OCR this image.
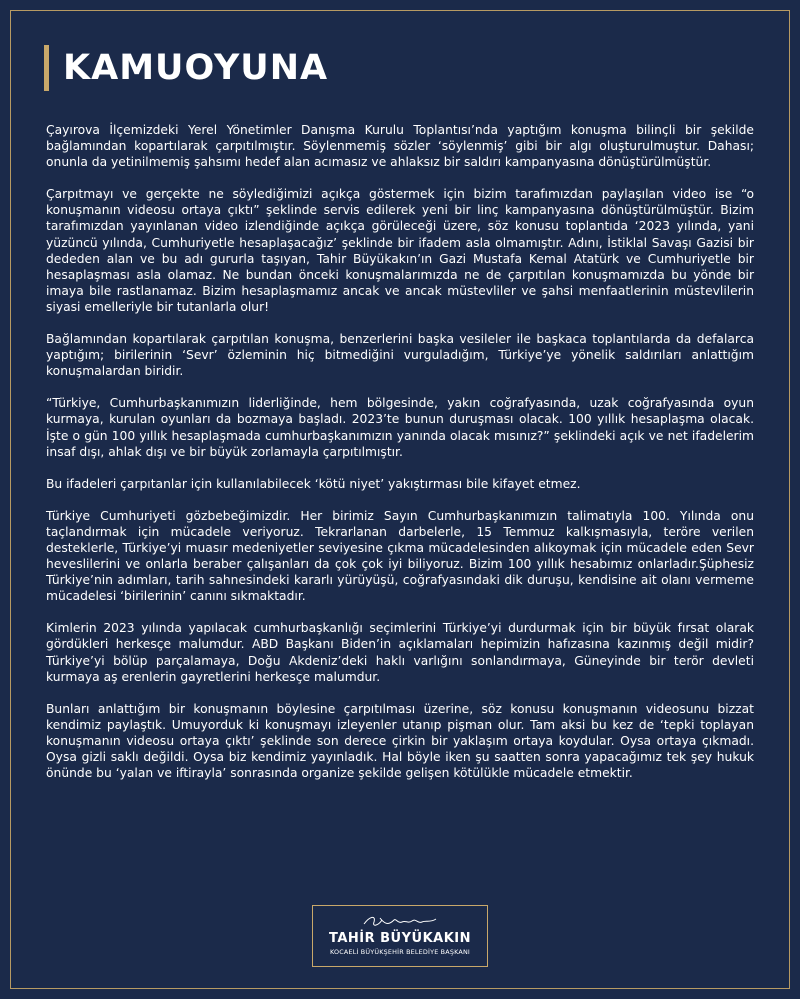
KAMUOYUNA

Çayırova İlçemizdeki Yerel Yönetimler Danışma Kurulu Toplantısı’nda yaptığım konuşma bilinçli bir şekilde bağlamından kopartılarak çarpıtılmıştır. Söylenmemiş sözler ‘söylenmiş’ gibi bir algı oluşturulmuştur. Dahası; onunla da yetinilmemiş şahsımı hedef alan acımasız ve ahlaksız bir saldırı kampanyasına dönüştürülmüştür.

Çarpıtmayı ve gerçekte ne söylediğimizi açıkça göstermek için bizim tarafımızdan paylaşılan video ise “o konuşmanın videosu ortaya çıktı” şeklinde servis edilerek yeni bir linç kampanyasına dönüştürülmüştür. Bizim tarafımızdan yayınlanan video izlendiğinde açıkça görüleceği üzere, söz konusu toplantıda ‘2023 yılında, yani yüzüncü yılında, Cumhuriyetle hesaplaşacağız’ şeklinde bir ifadem asla olmamıştır. Adını, İstiklal Savaşı Gazisi bir dededen alan ve bu adı gururla taşıyan, Tahir Büyükakın’ın Gazi Mustafa Kemal Atatürk ve Cumhuriyetle bir hesaplaşması asla olamaz. Ne bundan önceki konuşmalarımızda ne de çarpıtılan konuşmamızda bu yönde bir imaya bile rastlanamaz. Bizim hesaplaşmamız ancak ve ancak müstevliler ve şahsi menfaatlerinin müstevlilerin siyasi emelleriyle bir tutanlarla olur!

Bağlamından kopartılarak çarpıtılan konuşma, benzerlerini başka vesileler ile başkaca toplantılarda da defalarca yaptığım; birilerinin ‘Sevr’ özleminin hiç bitmediğini vurguladığım, Türkiye’ye yönelik saldırıları anlattığım konuşmalardan biridir.

“Türkiye, Cumhurbaşkanımızın liderliğinde, hem bölgesinde, yakın coğrafyasında, uzak coğrafyasında oyun kurmaya, kurulan oyunları da bozmaya başladı. 2023’te bunun duruşması olacak. 100 yıllık hesaplaşma olacak. İşte o gün 100 yıllık hesaplaşmada cumhurbaşkanımızın yanında olacak mısınız?” şeklindeki açık ve net ifadelerim insaf dışı, ahlak dışı ve bir büyük zorlamayla çarpıtılmıştır.

Bu ifadeleri çarpıtanlar için kullanılabilecek ‘kötü niyet’ yakıştırması bile kifayet etmez.

Türkiye Cumhuriyeti gözbebeğimizdir. Her birimiz Sayın Cumhurbaşkanımızın talimatıyla 100. Yılında onu taçlandırmak için mücadele veriyoruz. Tekrarlanan darbelerle, 15 Temmuz kalkışmasıyla, teröre verilen desteklerle, Türkiye’yi muasır medeniyetler seviyesine çıkma mücadelesinden alıkoymak için mücadele eden Sevr heveslilerini ve onlarla beraber çalışanları da çok çok iyi biliyoruz. Bizim 100 yıllık hesabımız onlarladır.Şüphesiz Türkiye’nin adımları, tarih sahnesindeki kararlı yürüyüşü, coğrafyasındaki dik duruşu, kendisine ait olanı vermeme mücadelesi ‘birilerinin’ canını sıkmaktadır.

Kimlerin 2023 yılında yapılacak cumhurbaşkanlığı seçimlerini Türkiye’yi durdurmak için bir büyük fırsat olarak gördükleri herkesçe malumdur. ABD Başkanı Biden’in açıklamaları hepimizin hafızasına kazınmış değil midir? Türkiye’yi bölüp parçalamaya, Doğu Akdeniz’deki haklı varlığını sonlandırmaya, Güneyinde bir terör devleti kurmaya aş erenlerin gayretlerini herkesçe malumdur.

Bunları anlattığım bir konuşmanın böylesine çarpıtılması üzerine, söz konusu konuşmanın videosunu bizzat kendimiz paylaştık. Umuyorduk ki konuşmayı izleyenler utanıp pişman olur. Tam aksi bu kez de ‘tepki toplayan konuşmanın videosu ortaya çıktı’ şeklinde son derece çirkin bir yaklaşım ortaya koydular. Oysa ortaya çıkmadı. Oysa gizli saklı değildi. Oysa biz kendimiz yayınladık. Hal böyle iken şu saatten sonra yapacağımız tek şey hukuk önünde bu ‘yalan ve iftirayla’ sonrasında organize şekilde gelişen kötülükle mücadele etmektir.

TAHİR BÜYÜKAKIN
KOCAELİ BÜYÜKŞEHİR BELEDİYE BAŞKANI
